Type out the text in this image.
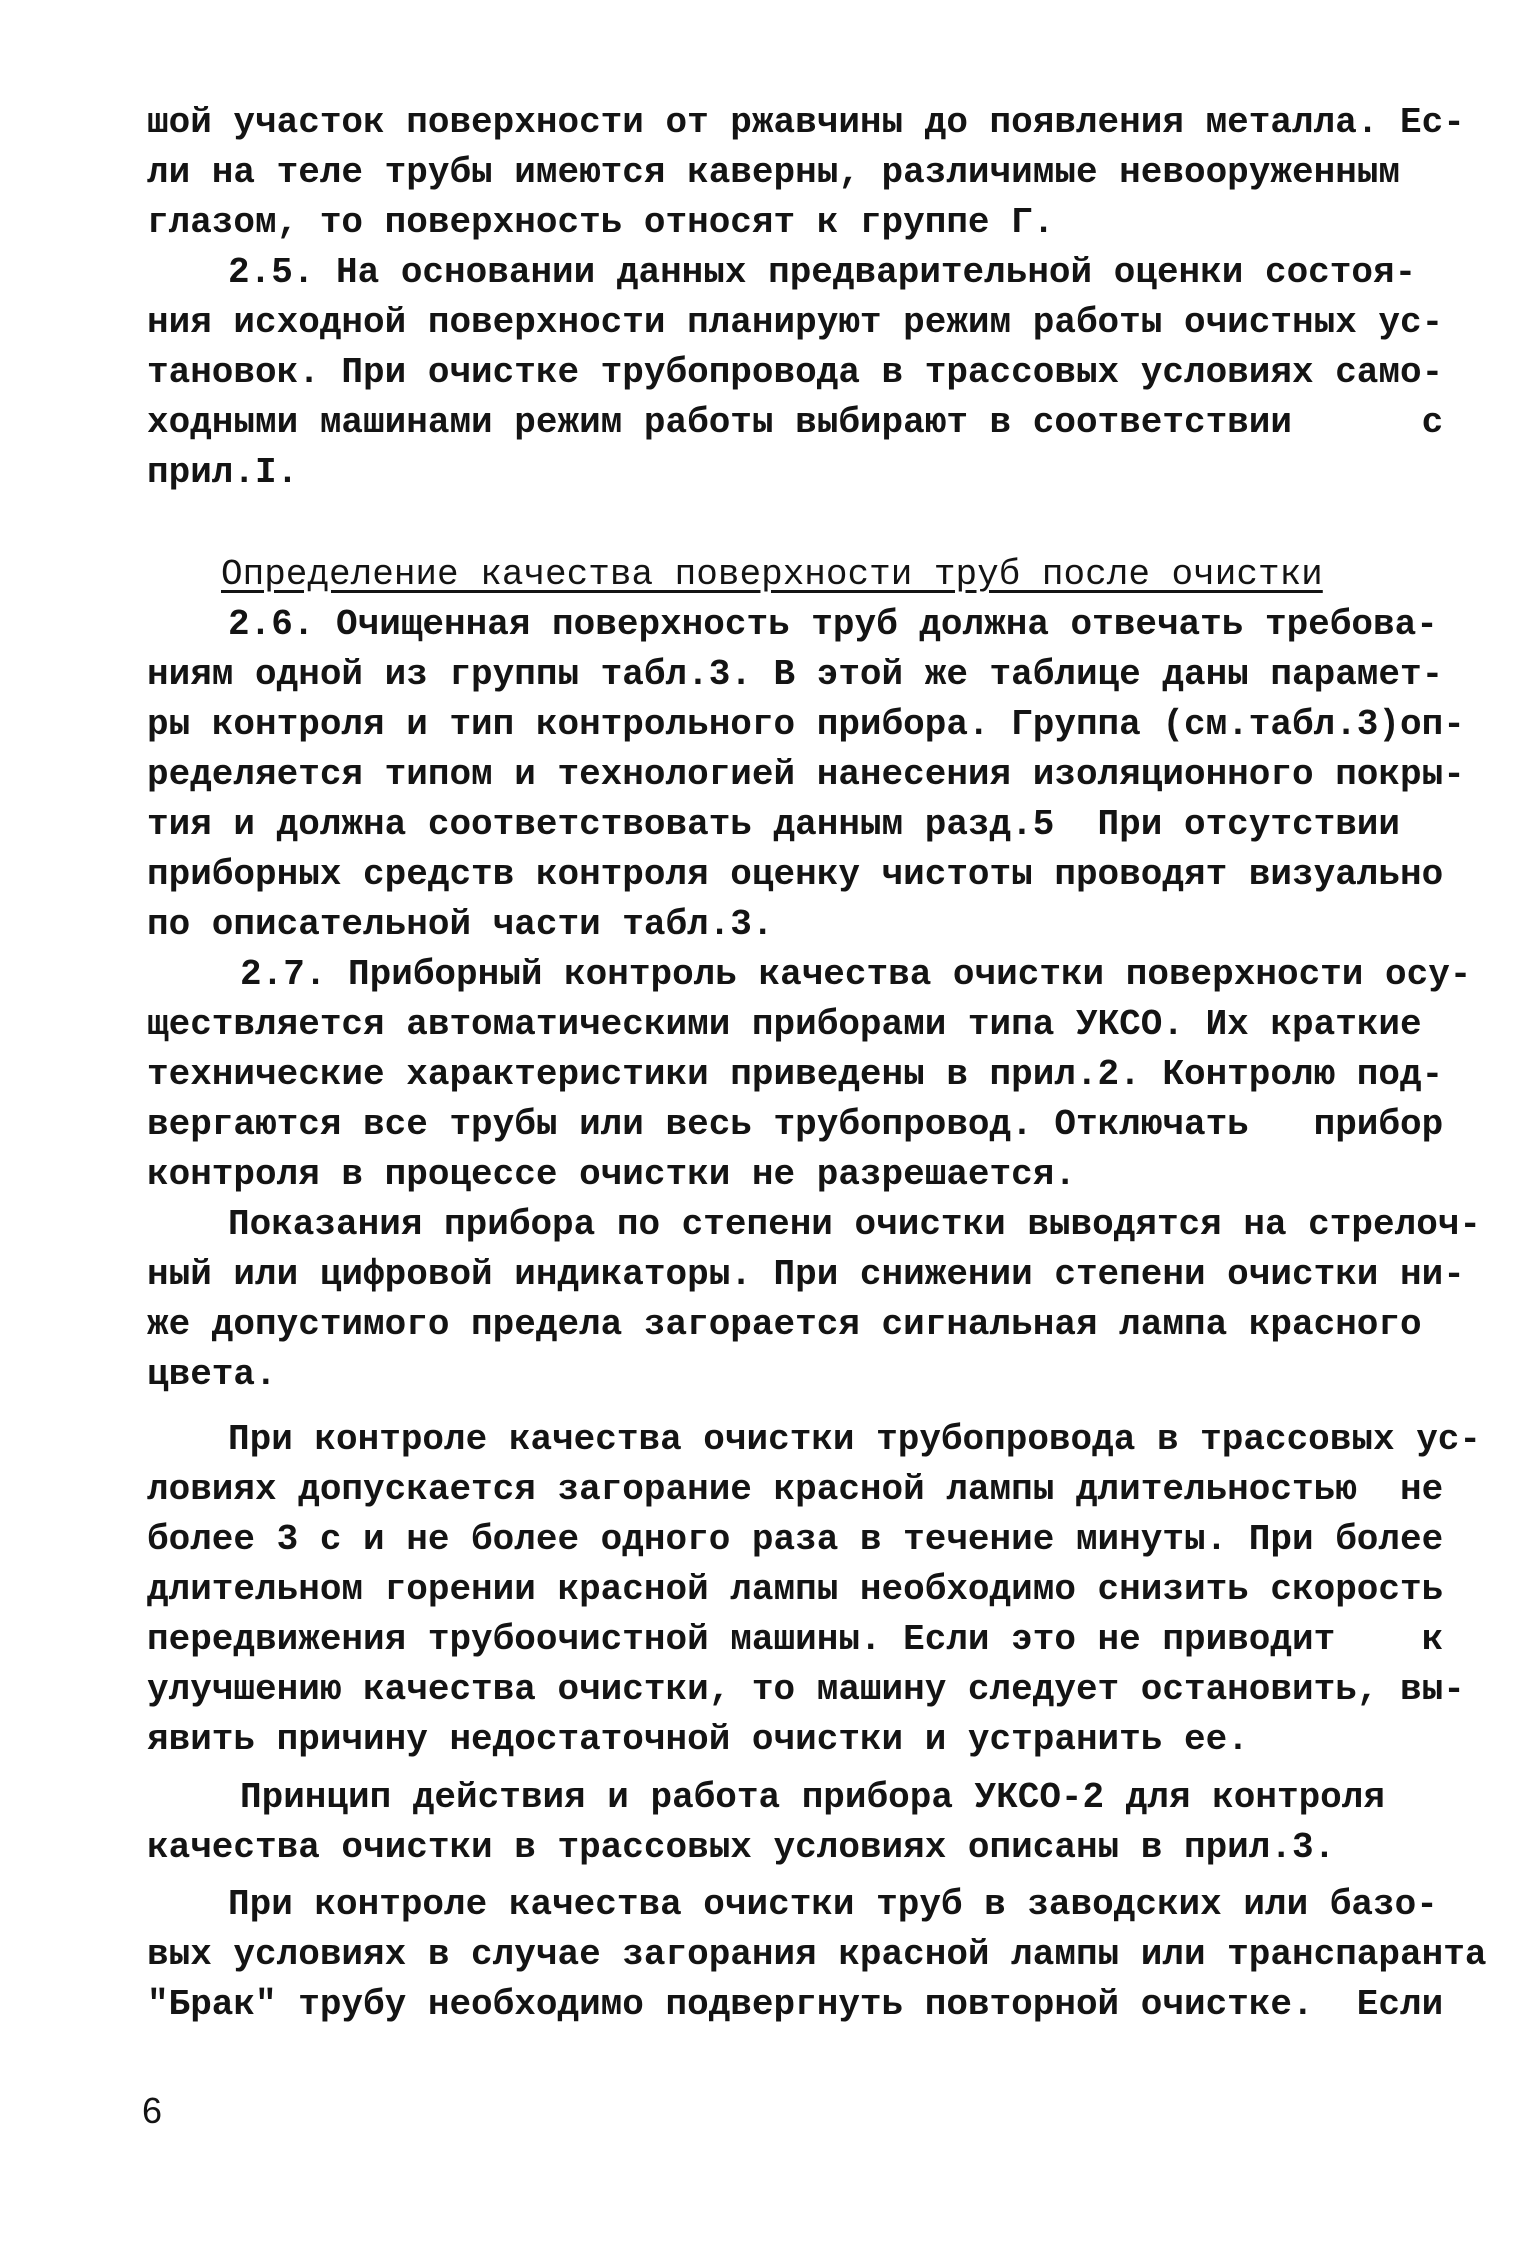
шой участок поверхности от ржавчины до появления металла. Ес-
ли на теле трубы имеются каверны, различимые невооруженным
глазом, то поверхность относят к группе Г.
2.5. На основании данных предварительной оценки состоя-
ния исходной поверхности планируют режим работы очистных ус-
тановок. При очистке трубопровода в трассовых условиях само-
ходными машинами режим работы выбирают в соответствии      с
прил.I.
Определение качества поверхности труб после очистки
2.6. Очищенная поверхность труб должна отвечать требова-
ниям одной из группы табл.3. В этой же таблице даны парамет-
ры контроля и тип контрольного прибора. Группа (см.табл.3)оп-
ределяется типом и технологией нанесения изоляционного покры-
тия и должна соответствовать данным разд.5  При отсутствии
приборных средств контроля оценку чистоты проводят визуально
по описательной части табл.3.
2.7. Приборный контроль качества очистки поверхности осу-
ществляется автоматическими приборами типа УКСО. Их краткие
технические характеристики приведены в прил.2. Контролю под-
вергаются все трубы или весь трубопровод. Отключать   прибор
контроля в процессе очистки не разрешается.
Показания прибора по степени очистки выводятся на стрелоч-
ный или цифровой индикаторы. При снижении степени очистки ни-
же допустимого предела загорается сигнальная лампа красного
цвета.
При контроле качества очистки трубопровода в трассовых ус-
ловиях допускается загорание красной лампы длительностью  не
более 3 с и не более одного раза в течение минуты. При более
длительном горении красной лампы необходимо снизить скорость
передвижения трубоочистной машины. Если это не приводит    к
улучшению качества очистки, то машину следует остановить, вы-
явить причину недостаточной очистки и устранить ее.
Принцип действия и работа прибора УКСО-2 для контроля
качества очистки в трассовых условиях описаны в прил.3.
При контроле качества очистки труб в заводских или базо-
вых условиях в случае загорания красной лампы или транспаранта
"Брак" трубу необходимо подвергнуть повторной очистке.  Если
6
